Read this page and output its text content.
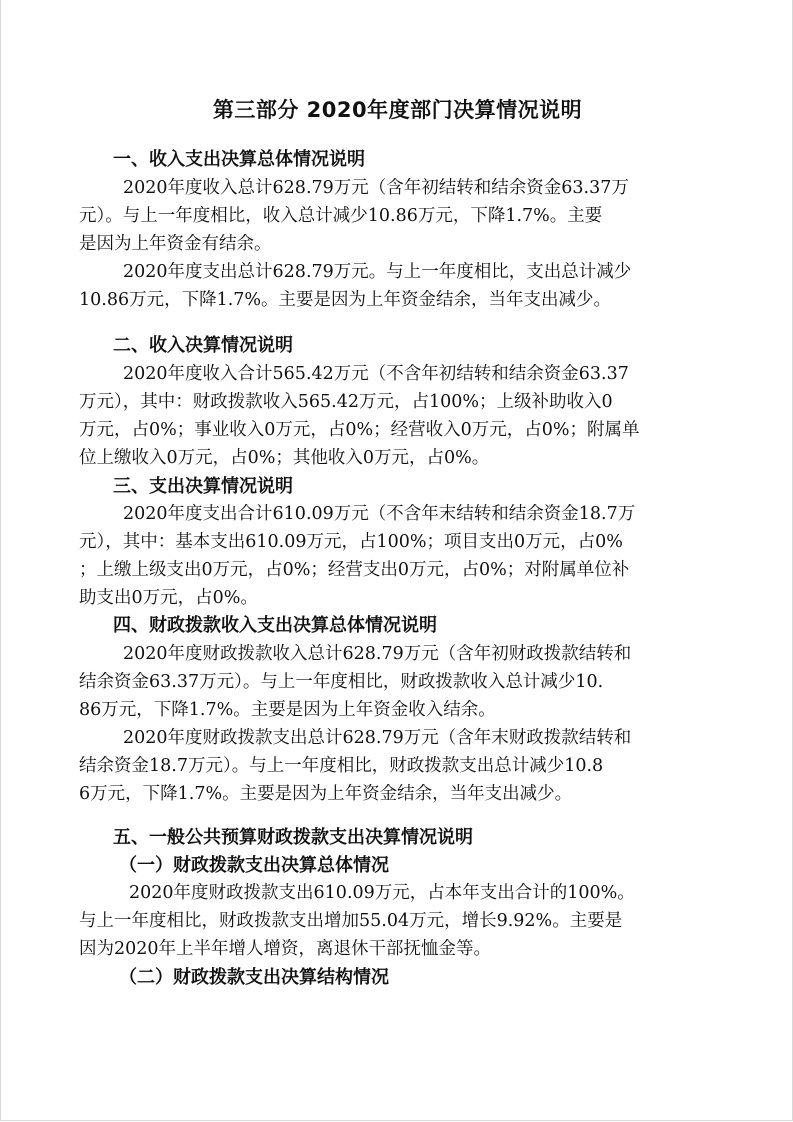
第三部分 2020年度部门决算情况说明
一、收入支出决算总体情况说明
2020年度收入总计628.79万元（含年初结转和结余资金63.37万
元）。与上一年度相比，收入总计减少10.86万元，下降1.7%。主要
是因为上年资金有结余。
2020年度支出总计628.79万元。与上一年度相比，支出总计减少
10.86万元，下降1.7%。主要是因为上年资金结余，当年支出减少。
二、收入决算情况说明
2020年度收入合计565.42万元（不含年初结转和结余资金63.37
万元），其中：财政拨款收入565.42万元，占100%；上级补助收入0
万元，占0%；事业收入0万元，占0%；经营收入0万元，占0%；附属单
位上缴收入0万元，占0%；其他收入0万元，占0%。
三、支出决算情况说明
2020年度支出合计610.09万元（不含年末结转和结余资金18.7万
元），其中：基本支出610.09万元，占100%；项目支出0万元，占0%
；上缴上级支出0万元，占0%；经营支出0万元，占0%；对附属单位补
助支出0万元，占0%。
四、财政拨款收入支出决算总体情况说明
2020年度财政拨款收入总计628.79万元（含年初财政拨款结转和
结余资金63.37万元）。与上一年度相比，财政拨款收入总计减少10.
86万元，下降1.7%。主要是因为上年资金收入结余。
2020年度财政拨款支出总计628.79万元（含年末财政拨款结转和
结余资金18.7万元）。与上一年度相比，财政拨款支出总计减少10.8
6万元，下降1.7%。主要是因为上年资金结余，当年支出减少。
五、一般公共预算财政拨款支出决算情况说明
（一）财政拨款支出决算总体情况
2020年度财政拨款支出610.09万元，占本年支出合计的100%。
与上一年度相比，财政拨款支出增加55.04万元，增长9.92%。主要是
因为2020年上半年增人增资，离退休干部抚恤金等。
（二）财政拨款支出决算结构情况
